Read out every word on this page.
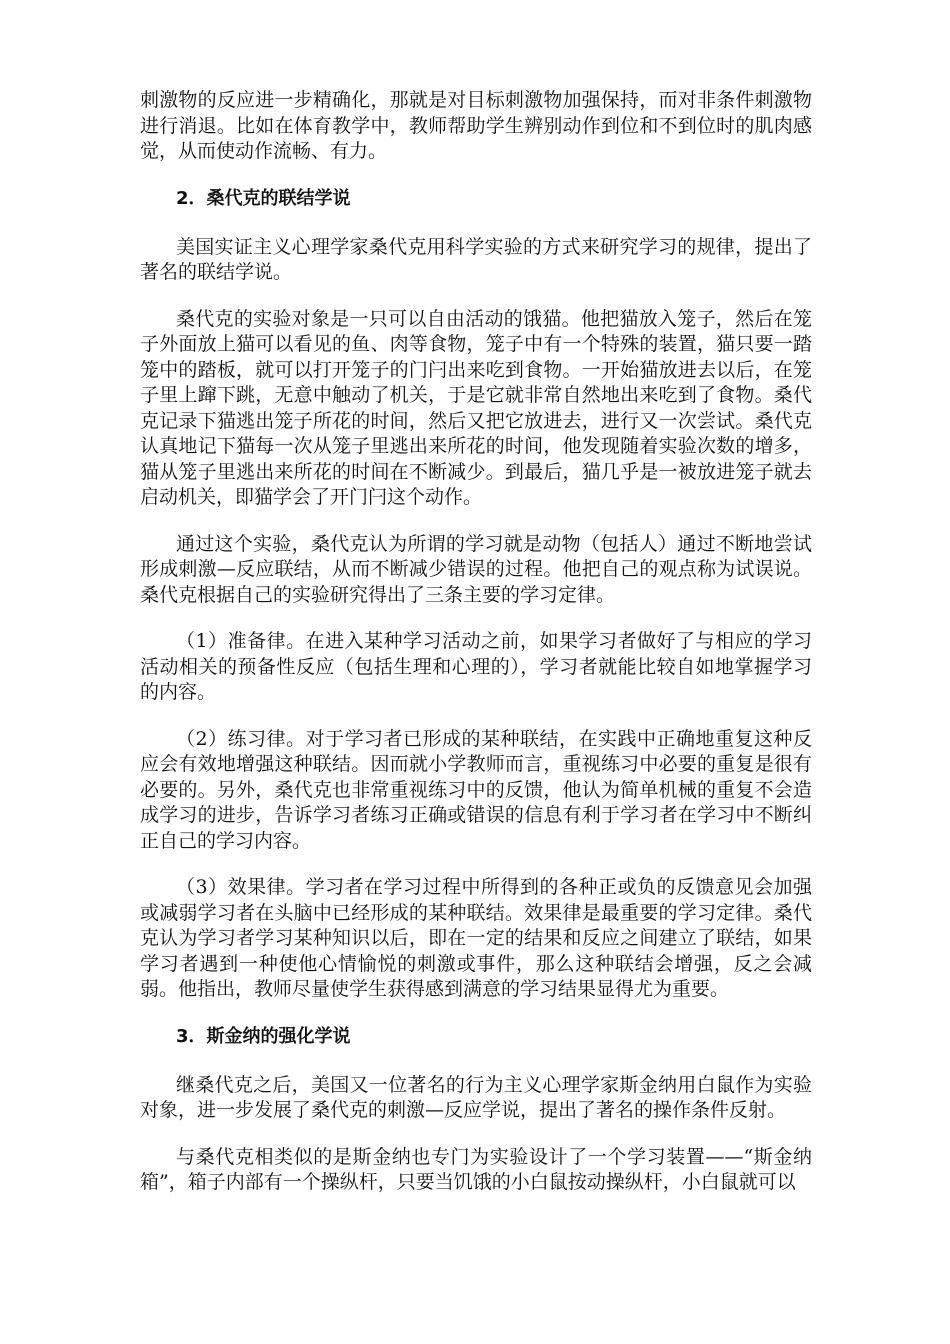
刺激物的反应进一步精确化，那就是对目标刺激物加强保持，而对非条件刺激物进行消退。比如在体育教学中，教师帮助学生辨别动作到位和不到位时的肌肉感觉，从而使动作流畅、有力。

2．桑代克的联结学说

美国实证主义心理学家桑代克用科学实验的方式来研究学习的规律，提出了著名的联结学说。

桑代克的实验对象是一只可以自由活动的饿猫。他把猫放入笼子，然后在笼子外面放上猫可以看见的鱼、肉等食物，笼子中有一个特殊的装置，猫只要一踏笼中的踏板，就可以打开笼子的门闩出来吃到食物。一开始猫放进去以后，在笼子里上蹿下跳，无意中触动了机关，于是它就非常自然地出来吃到了食物。桑代克记录下猫逃出笼子所花的时间，然后又把它放进去，进行又一次尝试。桑代克认真地记下猫每一次从笼子里逃出来所花的时间，他发现随着实验次数的增多，猫从笼子里逃出来所花的时间在不断减少。到最后，猫几乎是一被放进笼子就去启动机关，即猫学会了开门闩这个动作。

通过这个实验，桑代克认为所谓的学习就是动物（包括人）通过不断地尝试形成刺激—反应联结，从而不断减少错误的过程。他把自己的观点称为试误说。桑代克根据自己的实验研究得出了三条主要的学习定律。

（1）准备律。在进入某种学习活动之前，如果学习者做好了与相应的学习活动相关的预备性反应（包括生理和心理的），学习者就能比较自如地掌握学习的内容。

（2）练习律。对于学习者已形成的某种联结，在实践中正确地重复这种反应会有效地增强这种联结。因而就小学教师而言，重视练习中必要的重复是很有必要的。另外，桑代克也非常重视练习中的反馈，他认为简单机械的重复不会造成学习的进步，告诉学习者练习正确或错误的信息有利于学习者在学习中不断纠正自己的学习内容。

（3）效果律。学习者在学习过程中所得到的各种正或负的反馈意见会加强或减弱学习者在头脑中已经形成的某种联结。效果律是最重要的学习定律。桑代克认为学习者学习某种知识以后，即在一定的结果和反应之间建立了联结，如果学习者遇到一种使他心情愉悦的刺激或事件，那么这种联结会增强，反之会减弱。他指出，教师尽量使学生获得感到满意的学习结果显得尤为重要。

3．斯金纳的强化学说

继桑代克之后，美国又一位著名的行为主义心理学家斯金纳用白鼠作为实验对象，进一步发展了桑代克的刺激—反应学说，提出了著名的操作条件反射。

与桑代克相类似的是斯金纳也专门为实验设计了一个学习装置——“斯金纳箱”，箱子内部有一个操纵杆，只要当饥饿的小白鼠按动操纵杆，小白鼠就可以
